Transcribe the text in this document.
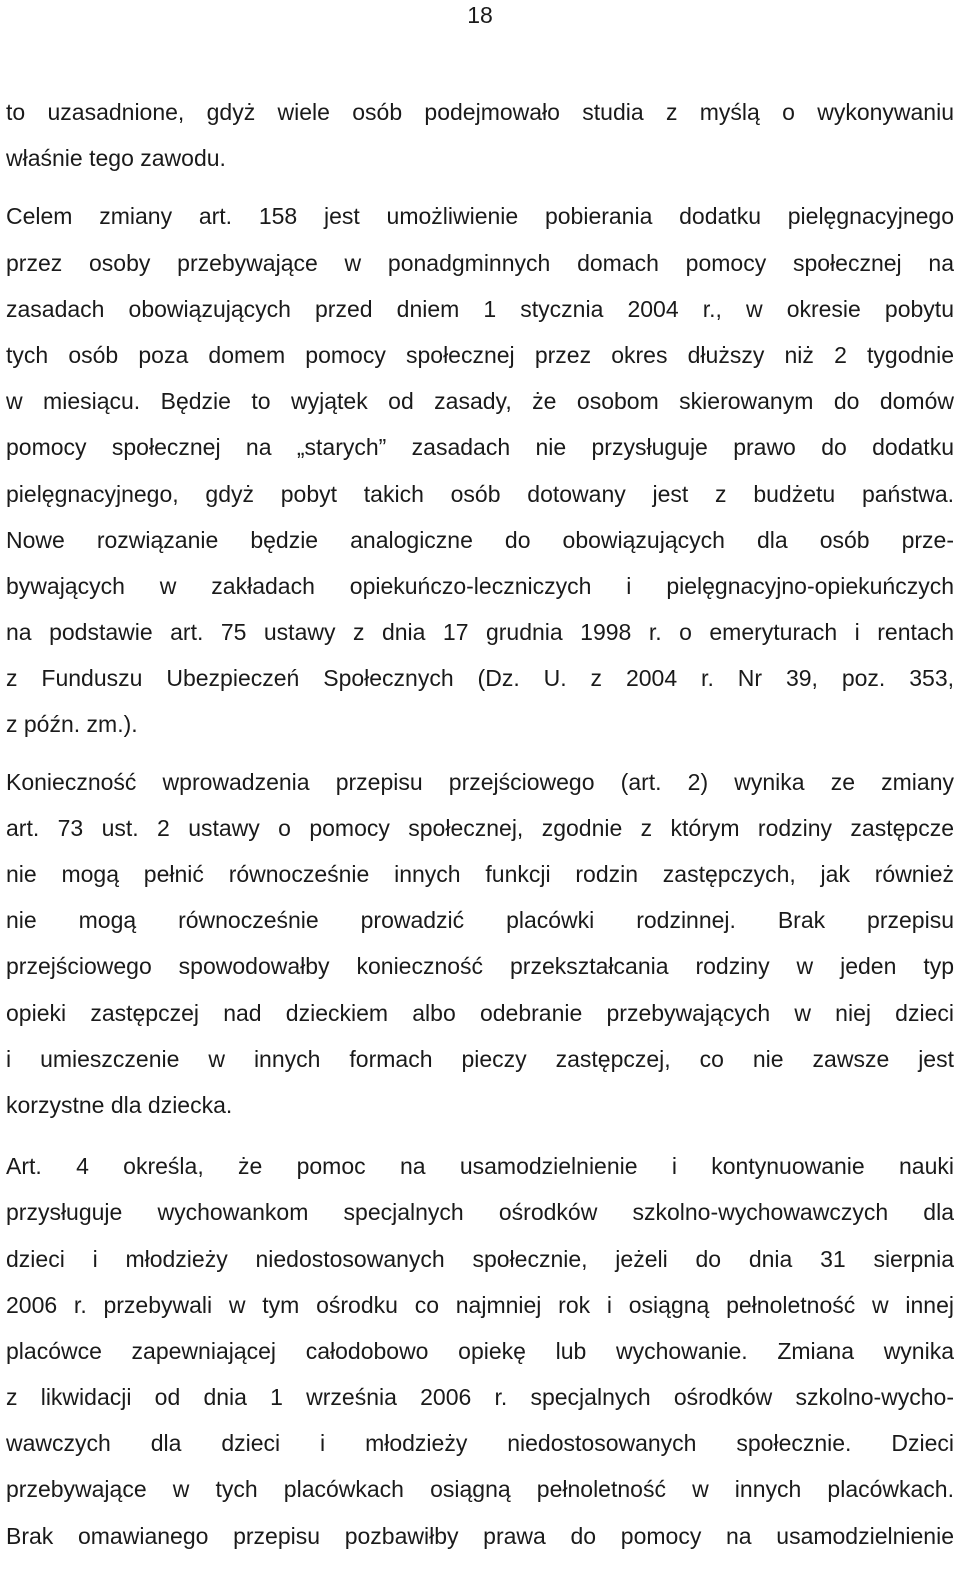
18
to uzasadnione, gdyż wiele osób podejmowało studia z myślą o wykonywaniu
właśnie tego zawodu.
Celem zmiany art. 158 jest umożliwienie pobierania dodatku pielęgnacyjnego
przez osoby przebywające w ponadgminnych domach pomocy społecznej na
zasadach obowiązujących przed dniem 1 stycznia 2004 r., w okresie pobytu
tych osób poza domem pomocy społecznej przez okres dłuższy niż 2 tygodnie
w miesiącu. Będzie to wyjątek od zasady, że osobom skierowanym do domów
pomocy społecznej na „starych” zasadach nie przysługuje prawo do dodatku
pielęgnacyjnego, gdyż pobyt takich osób dotowany jest z budżetu państwa.
Nowe rozwiązanie będzie analogiczne do obowiązujących dla osób prze-
bywających w zakładach opiekuńczo-leczniczych i pielęgnacyjno-opiekuńczych
na podstawie art. 75 ustawy z dnia 17 grudnia 1998 r. o emeryturach i rentach
z Funduszu Ubezpieczeń Społecznych (Dz. U. z 2004 r. Nr 39, poz. 353,
z późn. zm.).
Konieczność wprowadzenia przepisu przejściowego (art. 2) wynika ze zmiany
art. 73 ust. 2 ustawy o pomocy społecznej, zgodnie z którym rodziny zastępcze
nie mogą pełnić równocześnie innych funkcji rodzin zastępczych, jak również
nie mogą równocześnie prowadzić placówki rodzinnej. Brak przepisu
przejściowego spowodowałby konieczność przekształcania rodziny w jeden typ
opieki zastępczej nad dzieckiem albo odebranie przebywających w niej dzieci
i umieszczenie w innych formach pieczy zastępczej, co nie zawsze jest
korzystne dla dziecka.
Art. 4 określa, że pomoc na usamodzielnienie i kontynuowanie nauki
przysługuje wychowankom specjalnych ośrodków szkolno-wychowawczych dla
dzieci i młodzieży niedostosowanych społecznie, jeżeli do dnia 31 sierpnia
2006 r. przebywali w tym ośrodku co najmniej rok i osiągną pełnoletność w innej
placówce zapewniającej całodobowo opiekę lub wychowanie. Zmiana wynika
z likwidacji od dnia 1 września 2006 r. specjalnych ośrodków szkolno-wycho-
wawczych dla dzieci i młodzieży niedostosowanych społecznie. Dzieci
przebywające w tych placówkach osiągną pełnoletność w innych placówkach.
Brak omawianego przepisu pozbawiłby prawa do pomocy na usamodzielnienie
